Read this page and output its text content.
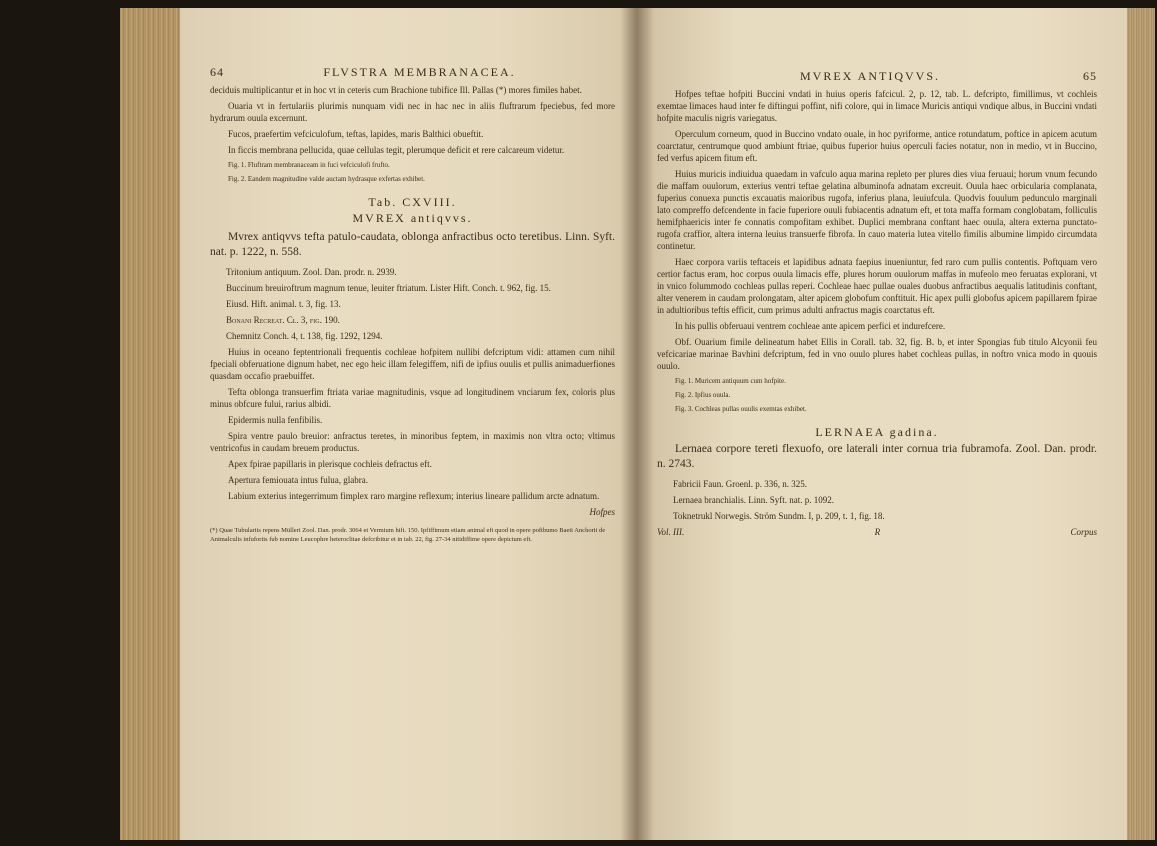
64	FLVSTRA MEMBRANACEA.

deciduis multiplicantur et in hoc vt in ceteris cum Brachione tubifice Ill. Pallas (*) mores fimiles habet.

Ouaria vt in fertulariis plurimis nunquam vidi nec in hac nec in aliis fluftrarum fpeciebus, fed more hydrarum ouula excernunt.

Fucos, praefertim vefciculofum, teftas, lapides, maris Balthici obueftit.

In ficcis membrana pellucida, quae cellulas tegit, plerumque deficit et rere calcareum videtur.

Fig. 1. Fluftram membranaceam in fuci vefciculofi frufto.
Fig. 2. Eandem magnitudine valde auctam hydrasque exfertas exhibet.
Tab. CXVIII.
MVREX antiqvvs.

Mvrex antiqvvs tefta patulo-caudata, oblonga anfractibus octo teretibus. Linn. Syft. nat. p. 1222, n. 558.

Tritonium antiquum. Zool. Dan. prodr. n. 2939.

Buccinum breuiroftrum magnum tenue, leuiter ftriatum. Lister Hift. Conch. t. 962, fig. 15.

Eiusd. Hift. animal. t. 3, fig. 13.

Bonani Recreat. Cl. 3, fig. 190.

Chemnitz Conch. 4, t. 138, fig. 1292, 1294.

Huius in oceano feptentrionali frequentis cochleae hofpitem nullibi defcriptum vidi: attamen cum nihil fpeciali obferuatione dignum habet, nec ego heic illam felegiffem, nifi de ipfius ouulis et pullis animaduerfiones quasdam occafio praebuiffet.

Tefta oblonga transuerfim ftriata variae magnitudinis, vsque ad longitudinem vnciarum fex, coloris plus minus obfcure fului, rarius albidi.

Epidermis nulla fenfibilis.

Spira ventre paulo breuior: anfractus teretes, in minoribus feptem, in maximis non vltra octo; vltimus ventricofus in caudam breuem productus.

Apex fpirae papillaris in plerisque cochleis defractus eft.

Apertura femiouata intus fulua, glabra.

Labium exterius integerrimum fimplex raro margine reflexum; interius lineare pallidum arcte adnatum.

Hofpes

(*) Quae Tubulariis repens Mülleri Zool. Dan. prodr. 3064 et Vermium hift. 150. Ipfiffimum etiam animal eft quod in opere poftbumo Baeti Anchorii de Animalculis infuforiis fub nomine Leucophre heteroclitae defcribitur et in tab. 22, fig. 27-34 nitidiffime opere depictum eft.
MVREX ANTIQVVS.	65

Hofpes teftae hofpiti Buccini vndati in huius operis fafcicul. 2, p. 12, tab. L. defcripto, fimillimus, vt cochleis exemtae limaces haud inter fe diftingui poffint, nifi colore, qui in limace Muricis antiqui vndique albus, in Buccini vndati hofpite maculis nigris variegatus.

Operculum corneum, quod in Buccino vndato ouale, in hoc pyriforme, antice rotundatum, poftice in apicem acutum coarctatur, centrumque quod ambiunt ftriae, quibus fuperior huius operculi facies notatur, non in medio, vt in Buccino, fed verfus apicem fitum eft.

Huius muricis indiuidua quaedam in vafculo aqua marina repleto per plures dies viua feruaui; horum vnum fecundo die maffam ouulorum, exterius ventri teftae gelatina albuminofa adnatam excreuit. Ouula haec orbicularia complanata, fuperius conuexa punctis excauatis maioribus rugofa, inferius plana, leuiufcula. Quodvis fouulum pedunculo marginali lato compreffo defcendente in facie fuperiore ouuli fubiacentis adnatum eft, et tota maffa formam conglobatam, folliculis hemifphaericis inter fe connatis compofitam exhibet. Duplici membrana conftant haec ouula, altera externa punctato-rugofa craffior, altera interna leuius transuerfe fibrofa. In cauo materia lutea vitello fimilis albumine limpido circumdata continetur.

Haec corpora variis teftaceis et lapidibus adnata faepius inueniuntur, fed raro cum pullis contentis. Poftquam vero certior factus eram, hoc corpus ouula limacis effe, plures horum ouulorum maffas in mufeolo meo feruatas explorani, vt in vnico folummodo cochleas pullas reperi. Cochleae haec pullae ouales duobus anfractibus aequalis latitudinis conftant, alter venerem in caudam prolongatam, alter apicem globofum conftituit. Hic apex pulli globofus apicem papillarem fpirae in adultioribus teftis efficit, cum primus adulti anfractus magis coarctatus eft.

In his pullis obferuaui ventrem cochleae ante apicem perfici et indurefcere.

Obf. Ouarium fimile delineatum habet Ellis in Corall. tab. 32, fig. B. b, et inter Spongias fub titulo Alcyonii feu vefcicariae marinae Bavhini defcriptum, fed in vno ouulo plures habet cochleas pullas, in noftro vnica modo in quouis ouulo.

Fig. 1. Muricem antiquum cum hofpite.
Fig. 2. Ipfius ouula.
Fig. 3. Cochleas pullas ouulis exemtas exhibet.
LERNAEA gadina.

Lernaea corpore tereti flexuofo, ore laterali inter cornua tria fubramofa. Zool. Dan. prodr. n. 2743.

Fabricii Faun. Groenl. p. 336, n. 325.

Lernaea branchialis. Linn. Syft. nat. p. 1092.

Toknetrukl Norwegis. Ström Sundm. I, p. 209, t. 1, fig. 18.

Vol. III.	R	Corpus
